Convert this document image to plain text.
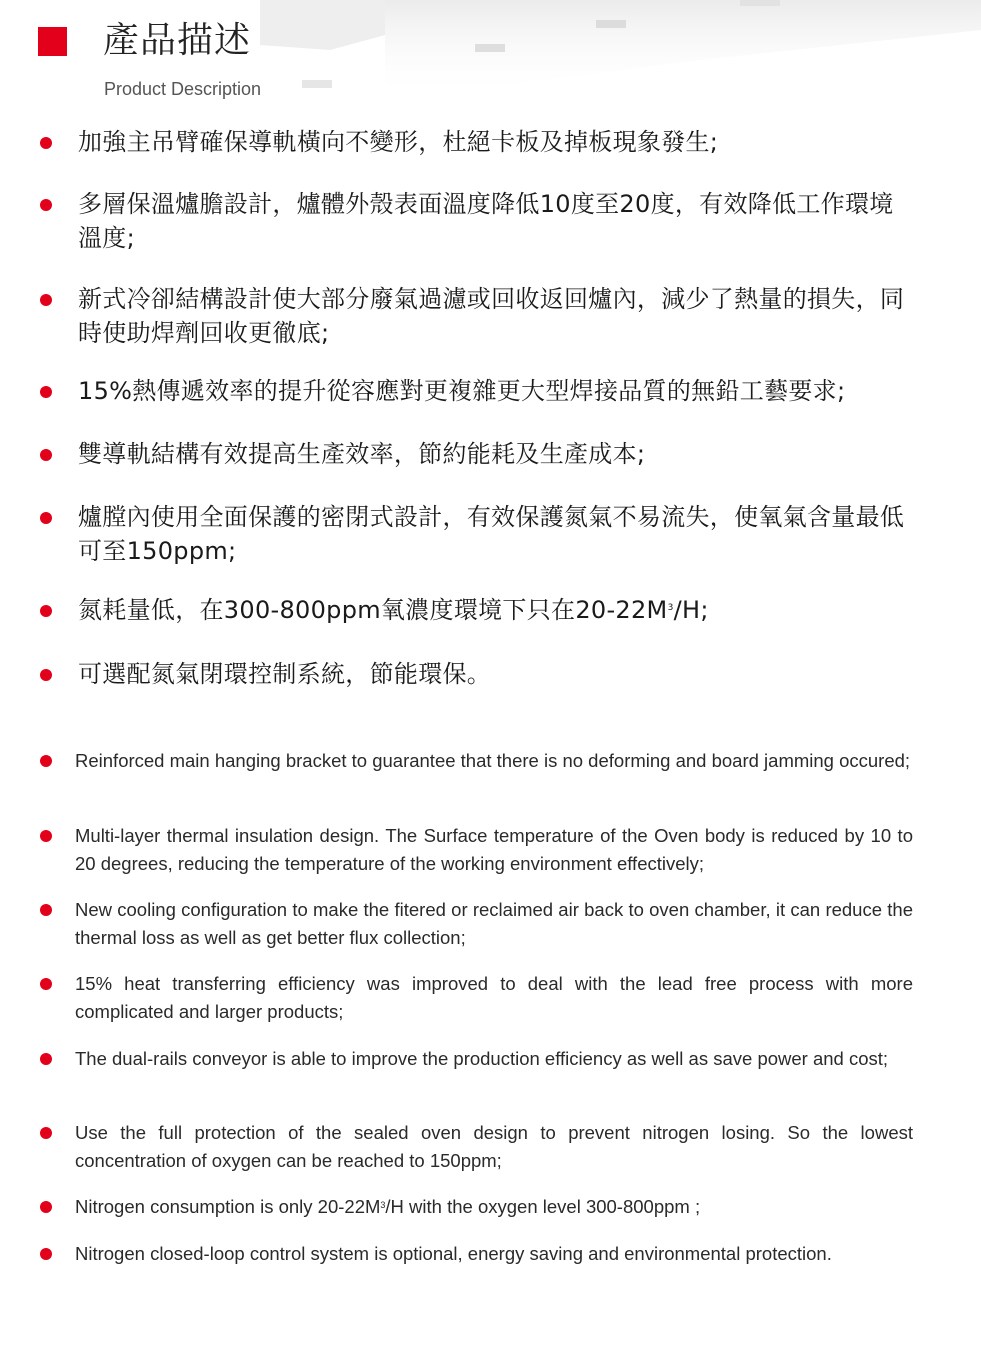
產品描述
Product Description
加強主吊臂確保導軌橫向不變形，杜絕卡板及掉板現象發生;
多層保溫爐膽設計，爐體外殼表面溫度降低10度至20度，有效降低工作環境溫度;
新式冷卻結構設計使大部分廢氣過濾或回收返回爐內，減少了熱量的損失，同時使助焊劑回收更徹底;
15%熱傳遞效率的提升從容應對更複雜更大型焊接品質的無鉛工藝要求;
雙導軌結構有效提高生產效率，節約能耗及生產成本;
爐膛內使用全面保護的密閉式設計，有效保護氮氣不易流失，使氧氣含量最低可至150ppm;
氮耗量低，在300-800ppm氧濃度環境下只在$20-22M^3/H$;
可選配氮氣閉環控制系統，節能環保。
Reinforced main hanging bracket to guarantee that there is no deforming and board jamming occured;
Multi-layer thermal insulation design. The Surface temperature of the Oven body is reduced by 10 to 20 degrees, reducing the temperature of the working environment effectively;
New cooling configuration to make the fitered or reclaimed air back to oven chamber, it can reduce the thermal loss as well as get better flux collection;
15% heat transferring efficiency was improved to deal with the lead free process with more complicated and larger products;
The dual-rails conveyor is able to improve the production efficiency as well as save power and cost;
Use the full protection of the sealed oven design to prevent nitrogen losing. So the lowest concentration of oxygen can be reached to 150ppm;
Nitrogen consumption is only $20-22M^3/H$ with the oxygen level 300-800ppm ;
Nitrogen closed-loop control system is optional, energy saving and environmental protection.
